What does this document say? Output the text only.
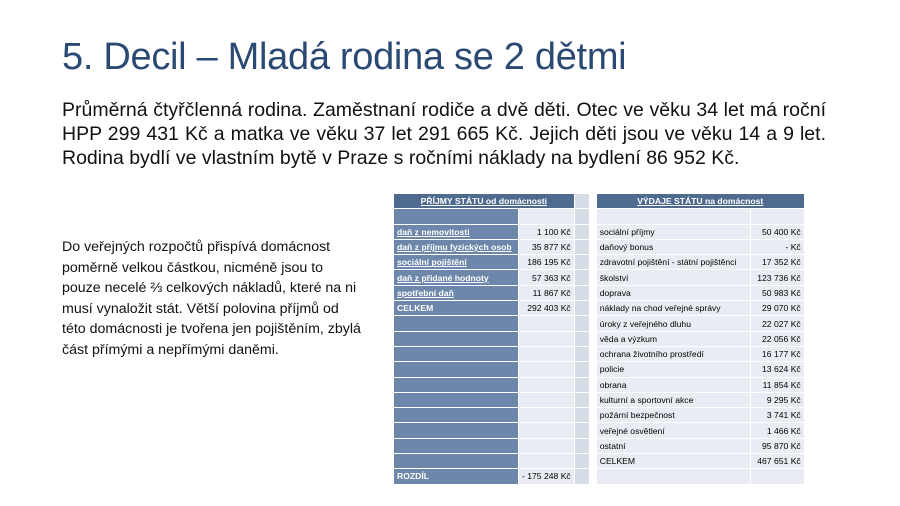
5. Decil – Mladá rodina se 2 dětmi
Průměrná čtyřčlenná rodina. Zaměstnaní rodiče a dvě děti. Otec ve věku 34 let má roční HPP 299 431 Kč a matka ve věku 37 let 291 665 Kč. Jejich děti jsou ve věku 14 a 9 let. Rodina bydlí ve vlastním bytě v Praze s ročními náklady na bydlení 86 952 Kč.
Do veřejných rozpočtů přispívá domácnost poměrně velkou částkou, nicméně jsou to pouze necelé ⅔ celkových nákladů, které na ni musí vynaložit stát. Větší polovina příjmů od této domácnosti je tvořena jen pojištěním, zbylá část přímými a nepřímými daněmi.
PŘÍJMY STÁTU od domácnosti				VÝDAJE STÁTU na domácnost	

daň z nemovitosti	1 100 Kč			sociální příjmy	50 400 Kč
daň z příjmu fyzických osob	35 877 Kč			daňový bonus	- Kč
sociální pojištění	186 195 Kč			zdravotní pojištění - státní pojištěnci	17 352 Kč
daň z přidané hodnoty	57 363 Kč			školství	123 736 Kč
spotřební daň	11 867 Kč			doprava	50 983 Kč
CELKEM	292 403 Kč			náklady na chod veřejné správy	29 070 Kč
				úroky z veřejného dluhu	22 027 Kč
				věda a výzkum	22 056 Kč
				ochrana životního prostředí	16 177 Kč
				policie	13 624 Kč
				obrana	11 854 Kč
				kulturní a sportovní akce	9 295 Kč
				požární bezpečnost	3 741 Kč
				veřejné osvětlení	1 466 Kč
				ostatní	95 870 Kč
				CELKEM	467 651 Kč
ROZDÍL	- 175 248 Kč				
